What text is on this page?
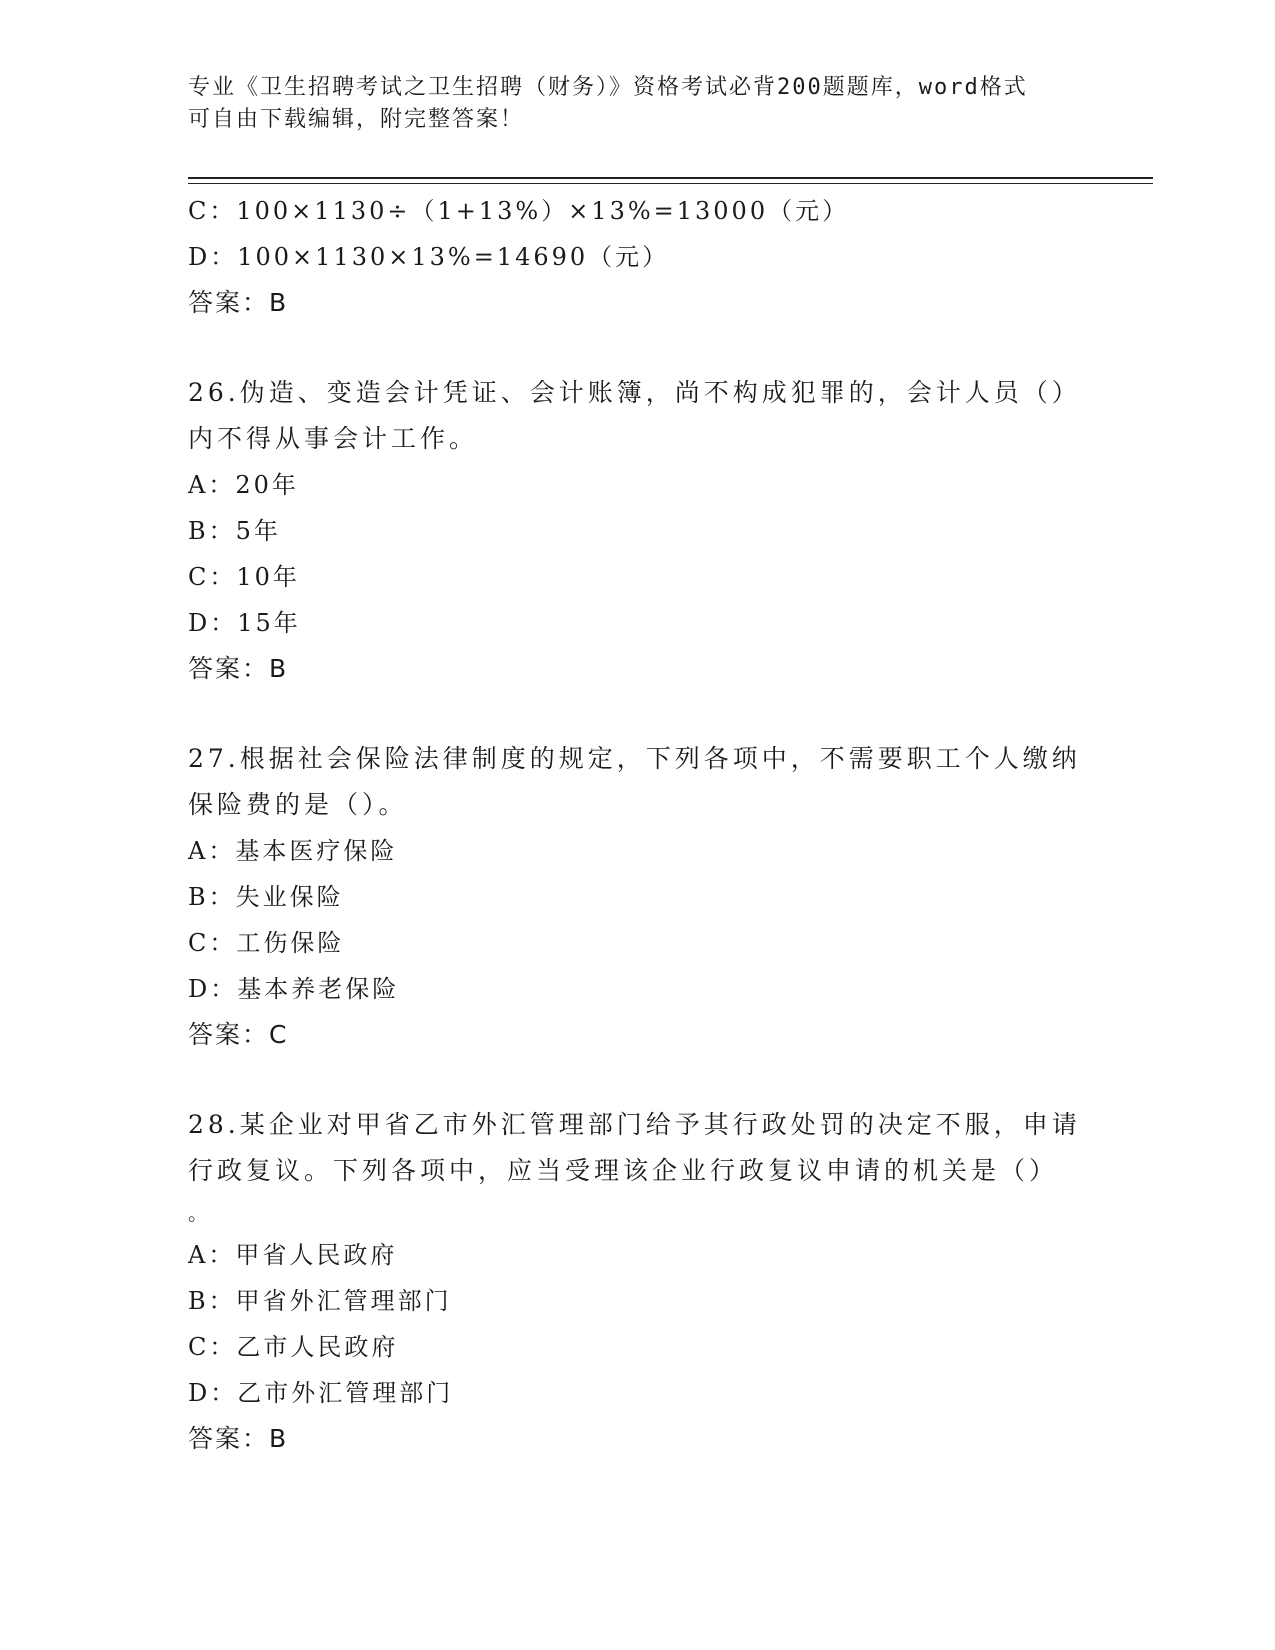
专业《卫生招聘考试之卫生招聘（财务）》资格考试必背200题题库，word格式
可自由下载编辑，附完整答案！
C：100×1130÷（1+13%）×13%=13000（元）
D：100×1130×13%=14690（元）
答案：B
26.伪造、变造会计凭证、会计账簿，尚不构成犯罪的，会计人员（）
内不得从事会计工作。
A：20年
B：5年
C：10年
D：15年
答案：B
27.根据社会保险法律制度的规定，下列各项中，不需要职工个人缴纳
保险费的是（）。
A：基本医疗保险
B：失业保险
C：工伤保险
D：基本养老保险
答案：C
28.某企业对甲省乙市外汇管理部门给予其行政处罚的决定不服，申请
行政复议。下列各项中，应当受理该企业行政复议申请的机关是（）
。
A：甲省人民政府
B：甲省外汇管理部门
C：乙市人民政府
D：乙市外汇管理部门
答案：B
